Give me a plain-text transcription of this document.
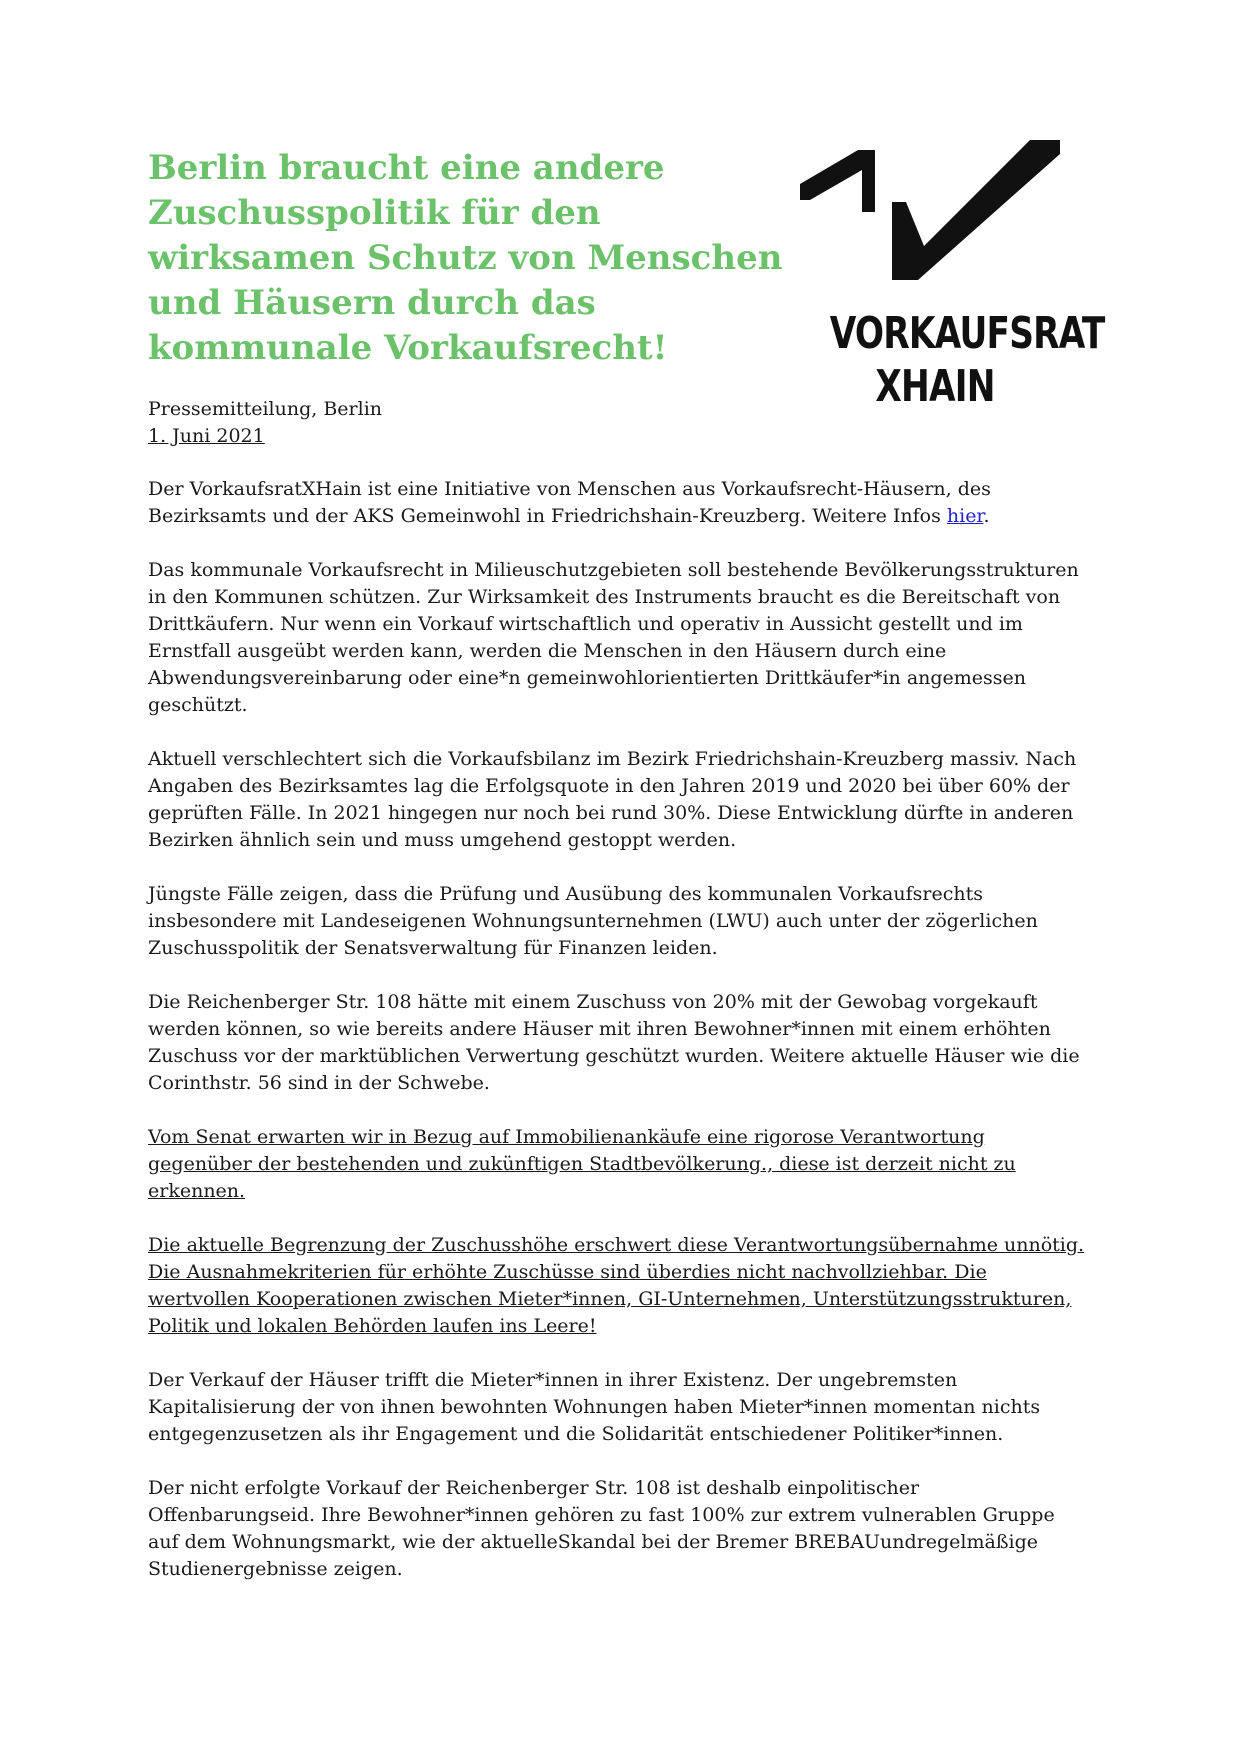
Berlin braucht eine andere
Zuschusspolitik für den
wirksamen Schutz von Menschen
und Häusern durch das
kommunale Vorkaufsrecht!	VORKAUFSRAT
XHAIN
Pressemitteilung, Berlin
1. Juni 2021

Der VorkaufsratXHain ist eine Initiative von Menschen aus Vorkaufsrecht-Häusern, des
Bezirksamts und der AKS Gemeinwohl in Friedrichshain-Kreuzberg. Weitere Infos hier.

Das kommunale Vorkaufsrecht in Milieuschutzgebieten soll bestehende Bevölkerungsstrukturen
in den Kommunen schützen. Zur Wirksamkeit des Instruments braucht es die Bereitschaft von
Drittkäufern. Nur wenn ein Vorkauf wirtschaftlich und operativ in Aussicht gestellt und im
Ernstfall ausgeübt werden kann, werden die Menschen in den Häusern durch eine
Abwendungsvereinbarung oder eine*n gemeinwohlorientierten Drittkäufer*in angemessen
geschützt.

Aktuell verschlechtert sich die Vorkaufsbilanz im Bezirk Friedrichshain-Kreuzberg massiv. Nach
Angaben des Bezirksamtes lag die Erfolgsquote in den Jahren 2019 und 2020 bei über 60% der
geprüften Fälle. In 2021 hingegen nur noch bei rund 30%. Diese Entwicklung dürfte in anderen
Bezirken ähnlich sein und muss umgehend gestoppt werden.

Jüngste Fälle zeigen, dass die Prüfung und Ausübung des kommunalen Vorkaufsrechts
insbesondere mit Landeseigenen Wohnungsunternehmen (LWU) auch unter der zögerlichen
Zuschusspolitik der Senatsverwaltung für Finanzen leiden.

Die Reichenberger Str. 108 hätte mit einem Zuschuss von 20% mit der Gewobag vorgekauft
werden können, so wie bereits andere Häuser mit ihren Bewohner*innen mit einem erhöhten
Zuschuss vor der marktüblichen Verwertung geschützt wurden. Weitere aktuelle Häuser wie die
Corinthstr. 56 sind in der Schwebe.

Vom Senat erwarten wir in Bezug auf Immobilienankäufe eine rigorose Verantwortung
gegenüber der bestehenden und zukünftigen Stadtbevölkerung., diese ist derzeit nicht zu
erkennen.

Die aktuelle Begrenzung der Zuschusshöhe erschwert diese Verantwortungsübernahme unnötig.
Die Ausnahmekriterien für erhöhte Zuschüsse sind überdies nicht nachvollziehbar. Die
wertvollen Kooperationen zwischen Mieter*innen, GI-Unternehmen, Unterstützungsstrukturen,
Politik und lokalen Behörden laufen ins Leere!

Der Verkauf der Häuser trifft die Mieter*innen in ihrer Existenz. Der ungebremsten
Kapitalisierung der von ihnen bewohnten Wohnungen haben Mieter*innen momentan nichts
entgegenzusetzen als ihr Engagement und die Solidarität entschiedener Politiker*innen.

Der nicht erfolgte Vorkauf der Reichenberger Str. 108 ist deshalb einpolitischer
Offenbarungseid. Ihre Bewohner*innen gehören zu fast 100% zur extrem vulnerablen Gruppe
auf dem Wohnungsmarkt, wie der aktuelleSkandal bei der Bremer BREBAUundregelmäßige
Studienergebnisse zeigen.
